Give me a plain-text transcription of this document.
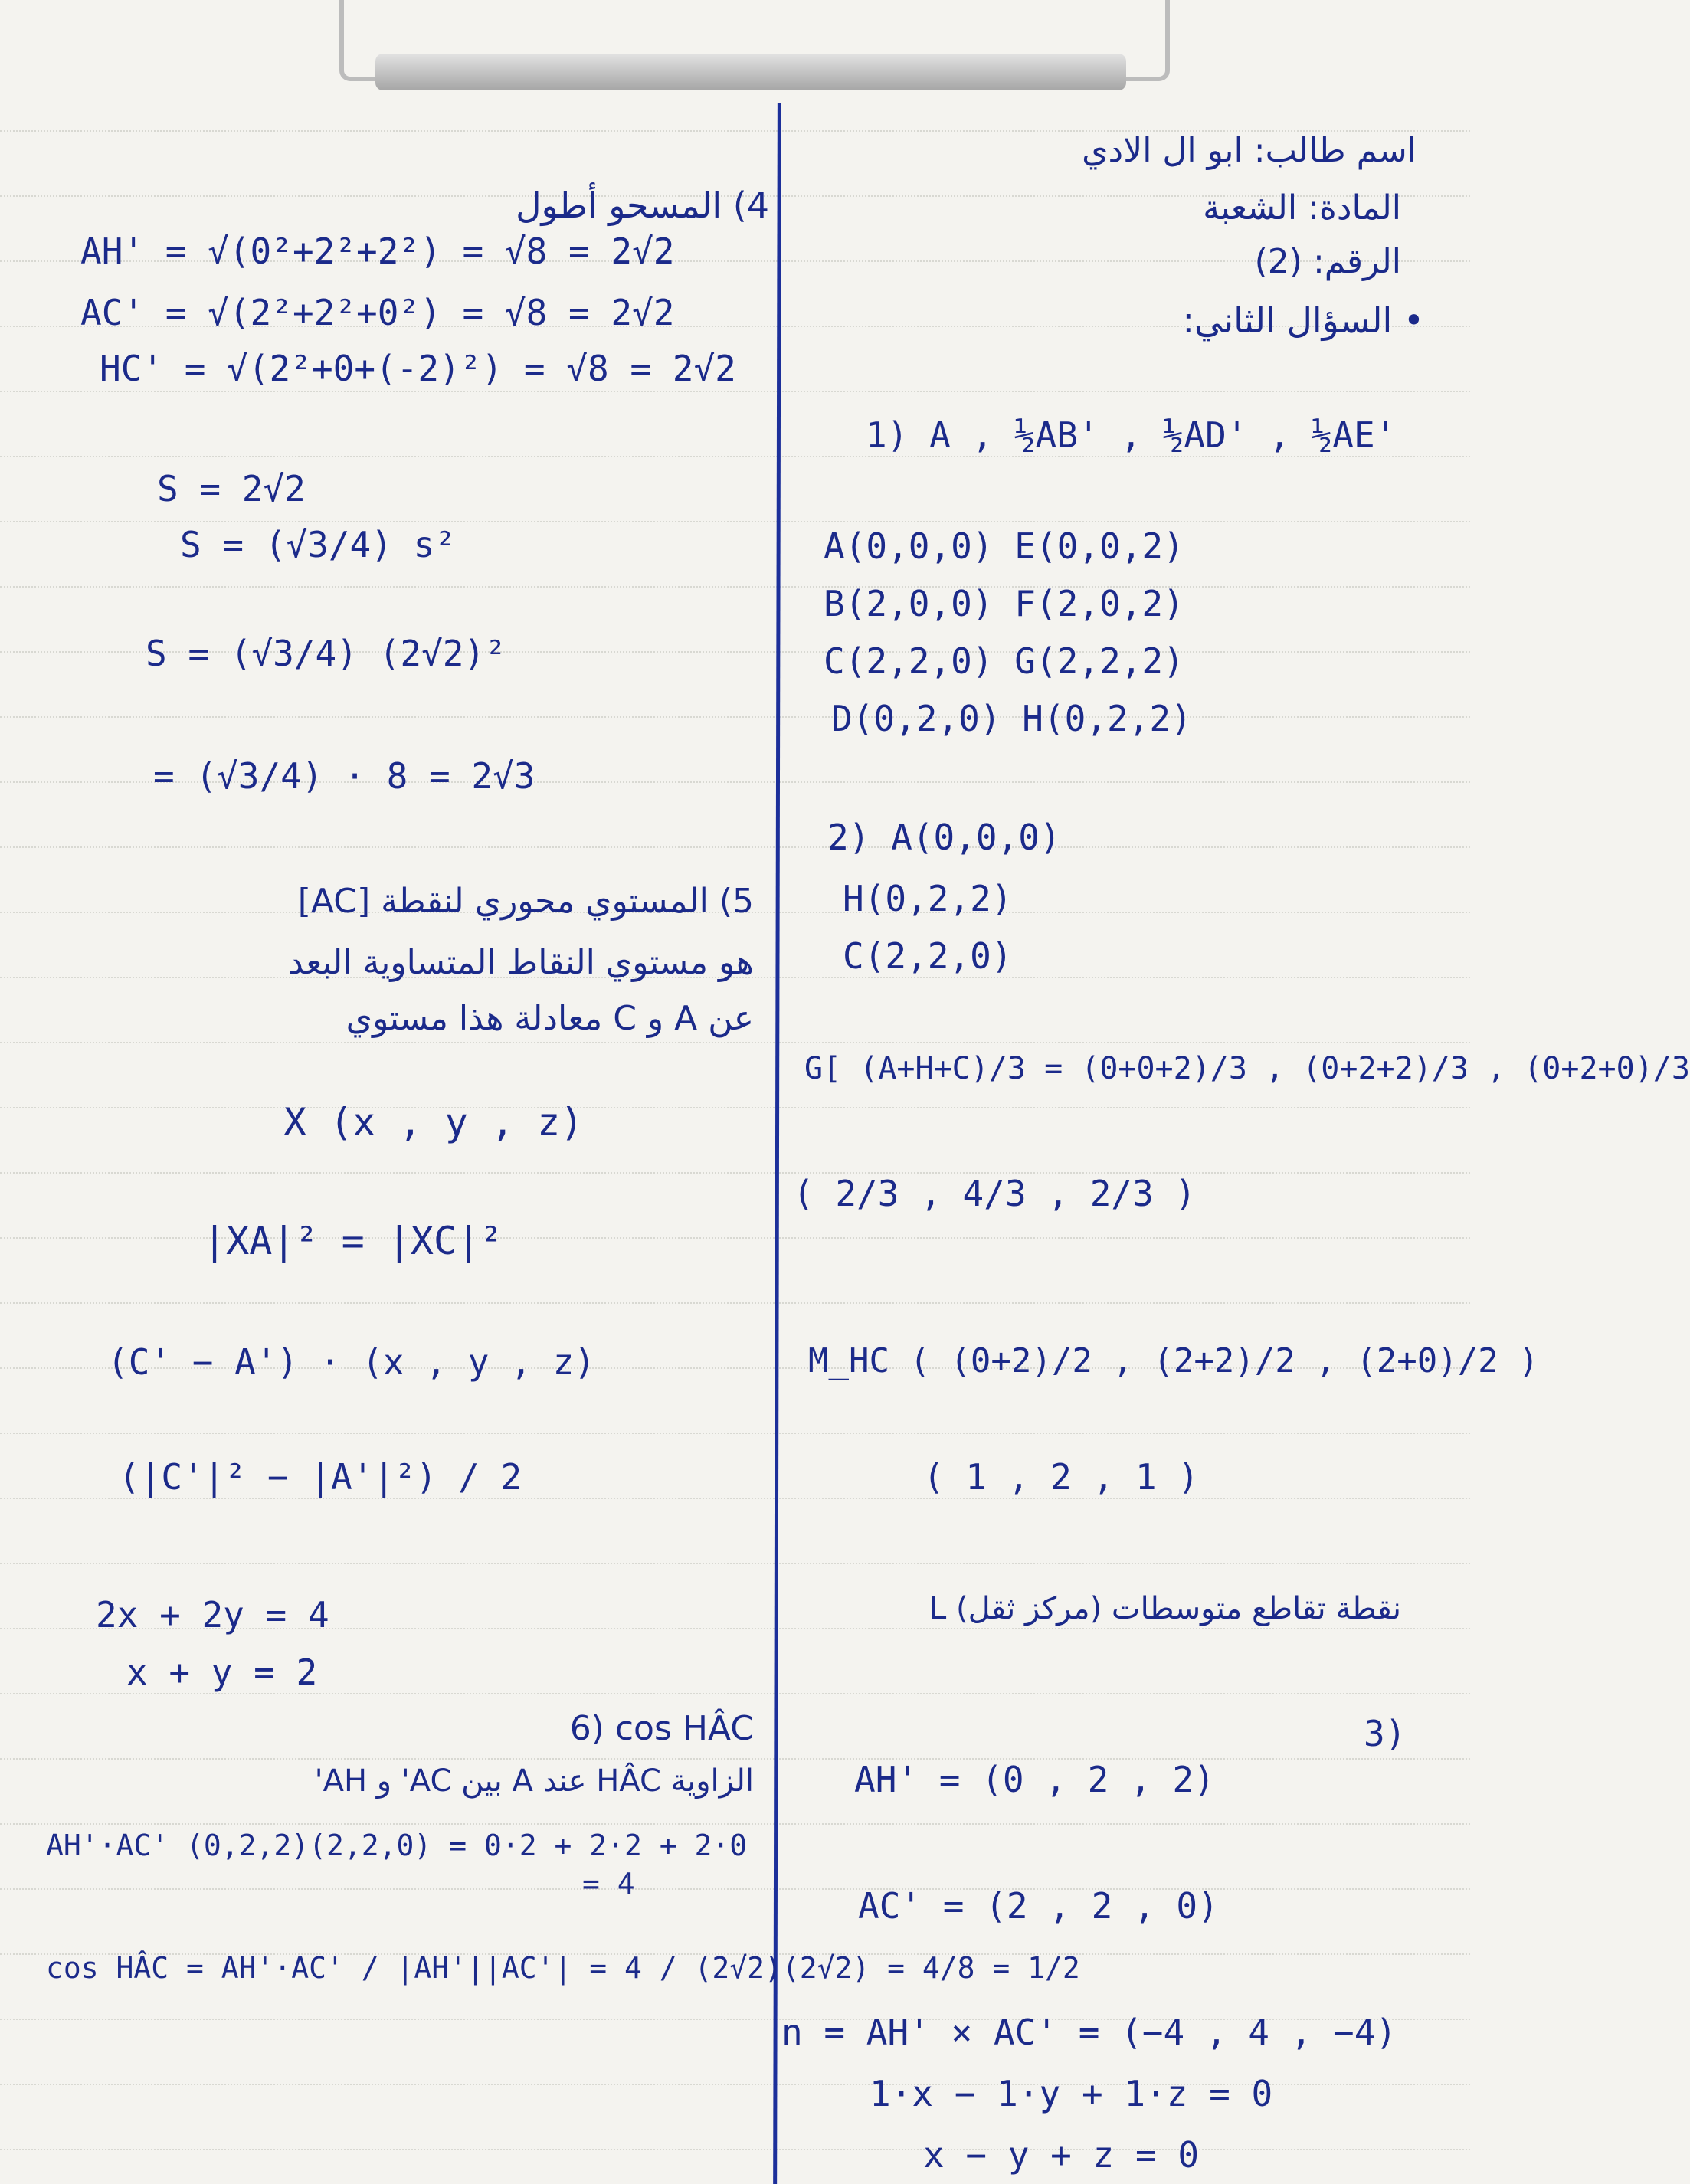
4) المسحو أطول
AH' = √(0²+2²+2²) = √8 = 2√2
AC' = √(2²+2²+0²) = √8 = 2√2
HC' = √(2²+0+(-2)²) = √8 = 2√2
S = 2√2
S = (√3/4) s²
S = (√3/4) (2√2)²
= (√3/4) · 8 = 2√3
5) المستوي محوري لنقطة [AC]
هو مستوي النقاط المتساوية البعد
عن A و C معادلة هذا مستوي
X (x , y , z)
|XA|² = |XC|²
(C' − A') · (x , y , z)
(|C'|² − |A'|²) / 2
2x + 2y = 4
x + y = 2
6) cos HÂC
الزاوية HÂC عند A بين AC' و AH'
AH'·AC' (0,2,2)(2,2,0) = 0·2 + 2·2 + 2·0
= 4
cos HÂC = AH'·AC' / |AH'||AC'| = 4 / (2√2)(2√2) = 4/8 = 1/2
اسم طالب: ابو ال الادي
المادة: الشعبة
الرقم: (2)
• السؤال الثاني:
1) A , ½AB' , ½AD' , ½AE'
A(0,0,0) E(0,0,2)
B(2,0,0) F(2,0,2)
C(2,2,0) G(2,2,2)
D(0,2,0) H(0,2,2)
2) A(0,0,0)
H(0,2,2)
C(2,2,0)
G[ (A+H+C)/3 = (0+0+2)/3 , (0+2+2)/3 , (0+2+0)/3
( 2/3 , 4/3 , 2/3 )
M_HC ( (0+2)/2 , (2+2)/2 , (2+0)/2 )
( 1 , 2 , 1 )
L نقطة تقاطع متوسطات (مركز ثقل)
3)
AH' = (0 , 2 , 2)
AC' = (2 , 2 , 0)
n = AH' × AC' = (−4 , 4 , −4)
1·x − 1·y + 1·z = 0
x − y + z = 0
